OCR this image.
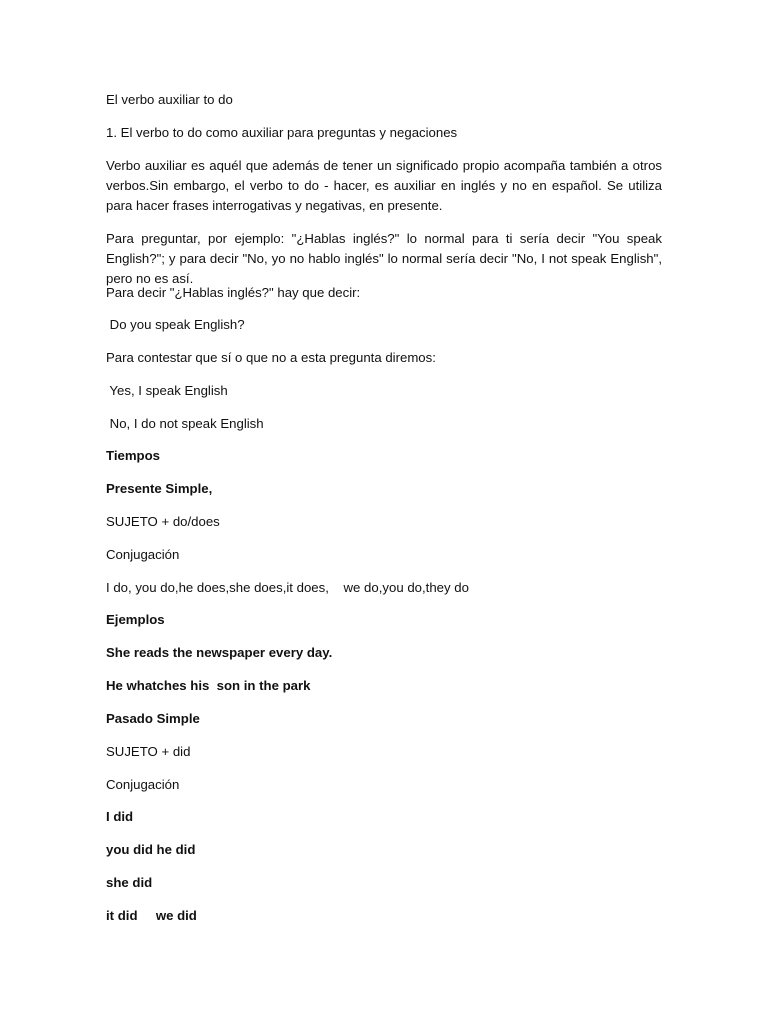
El verbo auxiliar to do

1. El verbo to do como auxiliar para preguntas y negaciones

Verbo auxiliar es aquél que además de tener un significado propio acompaña también a otros verbos.Sin embargo, el verbo to do - hacer, es auxiliar en inglés y no en español. Se utiliza para hacer frases interrogativas y negativas, en presente.

Para preguntar, por ejemplo: "¿Hablas inglés?" lo normal para ti sería decir "You speak English?"; y para decir "No, yo no hablo inglés" lo normal sería decir "No, I not speak English", pero no es así.

Para decir "¿Hablas inglés?" hay que decir:

Do you speak English?

Para contestar que sí o que no a esta pregunta diremos:

Yes, I speak English

No, I do not speak English

Tiempos

Presente Simple,

SUJETO + do/does

Conjugación

I do, you do,he does,she does,it does,    we do,you do,they do

Ejemplos

She reads the newspaper every day.

He whatches his  son in the park

Pasado Simple

SUJETO + did

Conjugación

I did

you did he did

she did

it did     we did
